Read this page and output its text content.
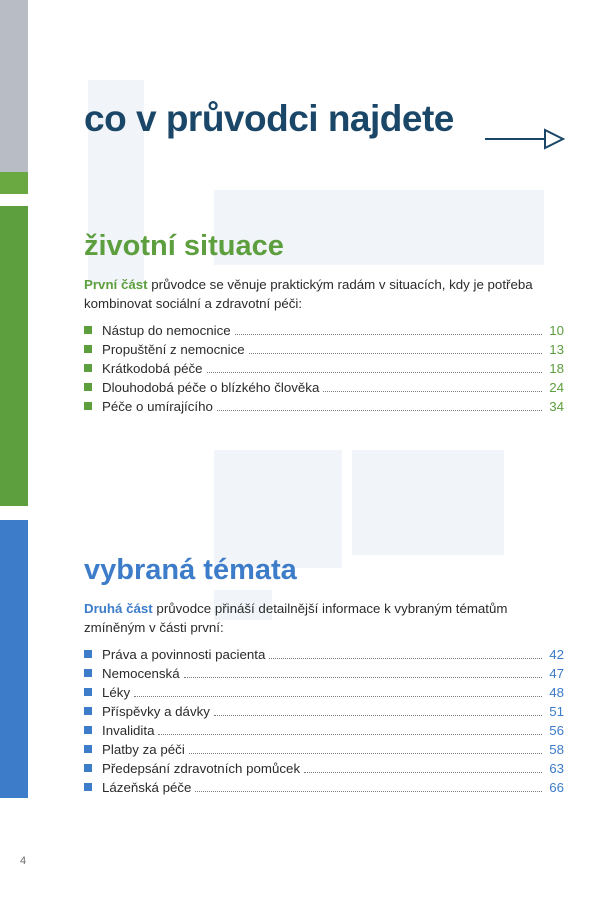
co v průvodci najdete
životní situace

První část průvodce se věnuje praktickým radám v situacích, kdy je potřeba kombinovat sociální a zdravotní péči:

Nástup do nemocnice	10
Propuštění z nemocnice	13
Krátkodobá péče	18
Dlouhodobá péče o blízkého člověka	24
Péče o umírajícího	34
vybraná témata

Druhá část průvodce přináší detailnější informace k vybraným tématům zmíněným v části první:

Práva a povinnosti pacienta	42
Nemocenská	47
Léky	48
Příspěvky a dávky	51
Invalidita	56
Platby za péči	58
Předepsání zdravotních pomůcek	63
Lázeňská péče	66
4
